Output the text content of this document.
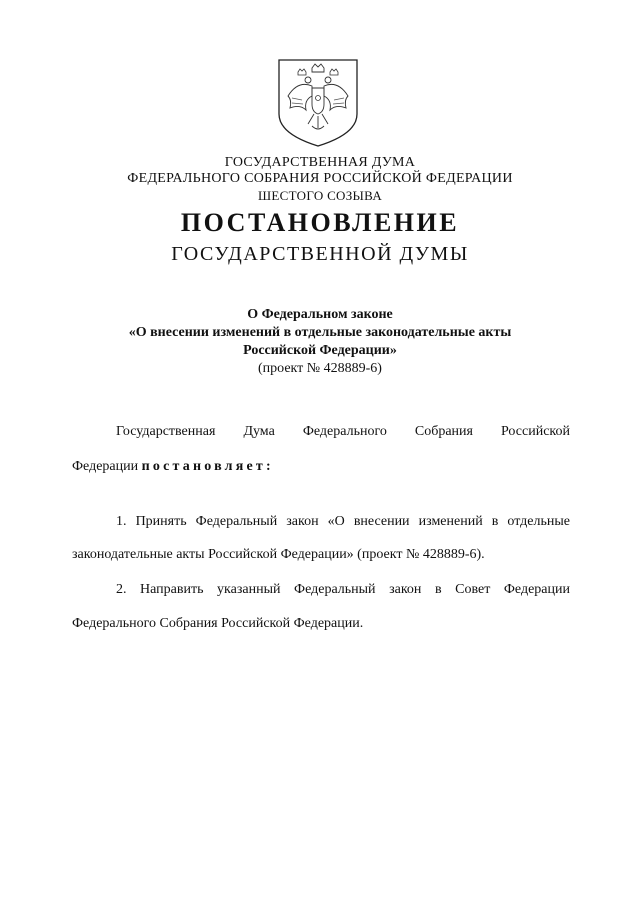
ГОСУДАРСТВЕННАЯ ДУМА
ФЕДЕРАЛЬНОГО СОБРАНИЯ РОССИЙСКОЙ ФЕДЕРАЦИИ
ШЕСТОГО СОЗЫВА
ПОСТАНОВЛЕНИЕ
ГОСУДАРСТВЕННОЙ ДУМЫ
О Федеральном законе
«О внесении изменений в отдельные законодательные акты
Российской Федерации»
(проект № 428889-6)
Государственная Дума Федерального Собрания Российской
Федерации постановляет:
1. Принять Федеральный закон «О внесении изменений в отдельные
законодательные акты Российской Федерации» (проект № 428889-6).
2. Направить указанный Федеральный закон в Совет Федерации
Федерального Собрания Российской Федерации.
